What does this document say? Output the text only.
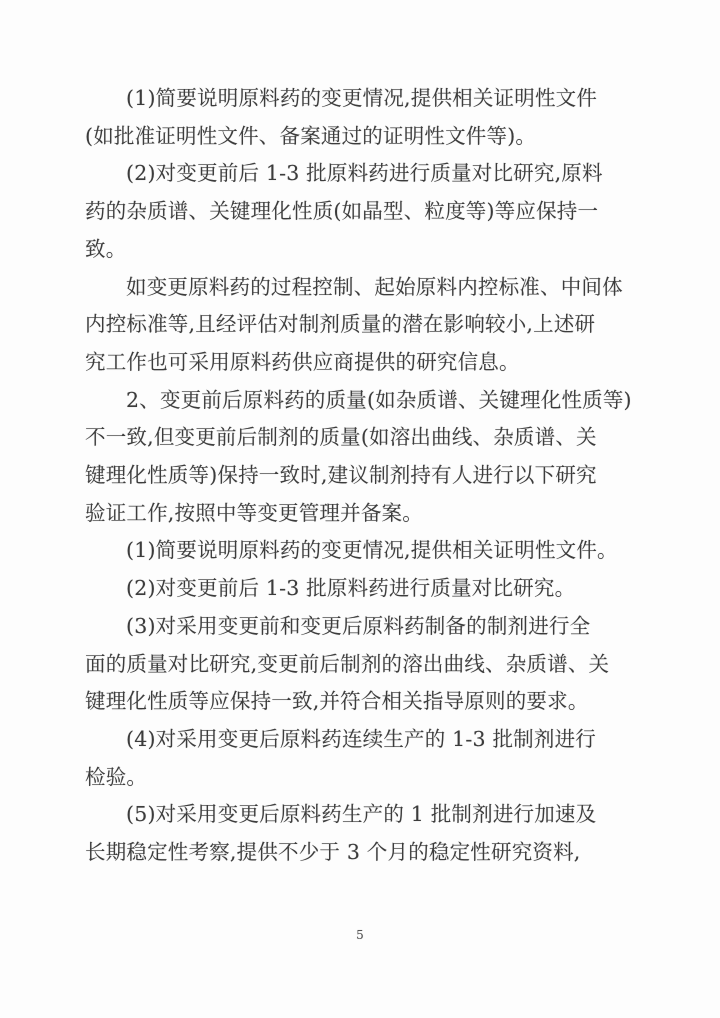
(1)简要说明原料药的变更情况,提供相关证明性文件
(如批准证明性文件、备案通过的证明性文件等)。
(2)对变更前后 1-3 批原料药进行质量对比研究,原料
药的杂质谱、关键理化性质(如晶型、粒度等)等应保持一
致。
如变更原料药的过程控制、起始原料内控标准、中间体
内控标准等,且经评估对制剂质量的潜在影响较小,上述研
究工作也可采用原料药供应商提供的研究信息。
2、变更前后原料药的质量(如杂质谱、关键理化性质等)
不一致,但变更前后制剂的质量(如溶出曲线、杂质谱、关
键理化性质等)保持一致时,建议制剂持有人进行以下研究
验证工作,按照中等变更管理并备案。
(1)简要说明原料药的变更情况,提供相关证明性文件。
(2)对变更前后 1-3 批原料药进行质量对比研究。
(3)对采用变更前和变更后原料药制备的制剂进行全
面的质量对比研究,变更前后制剂的溶出曲线、杂质谱、关
键理化性质等应保持一致,并符合相关指导原则的要求。
(4)对采用变更后原料药连续生产的 1-3 批制剂进行
检验。
(5)对采用变更后原料药生产的 1 批制剂进行加速及
长期稳定性考察,提供不少于 3 个月的稳定性研究资料,
5
